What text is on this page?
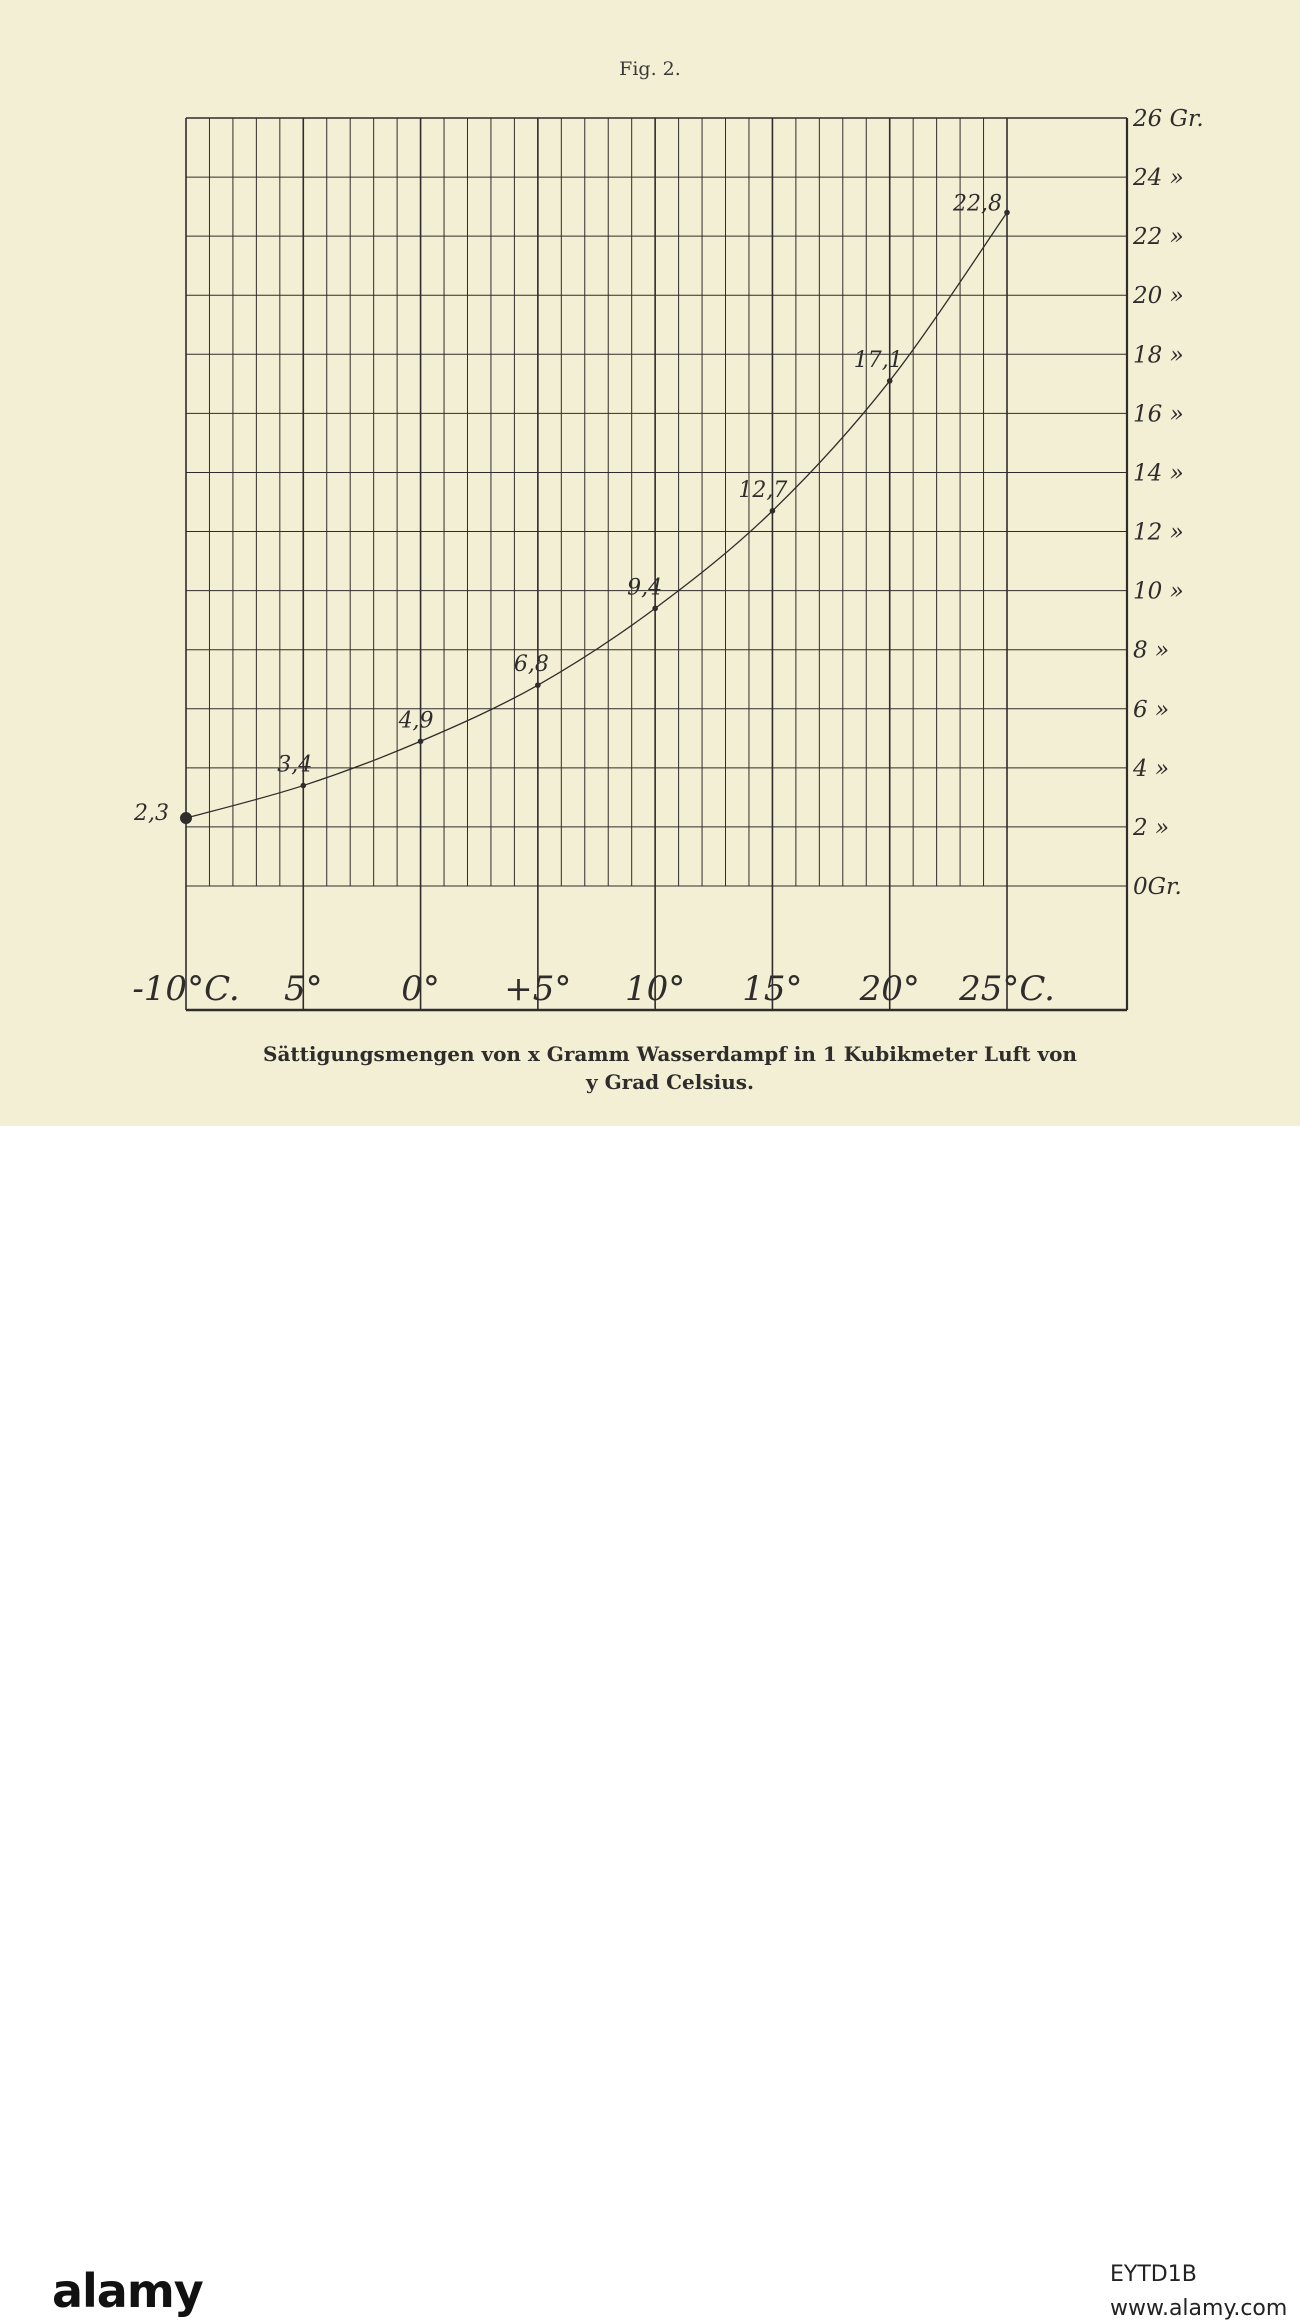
Fig. 2.
2,3
3,4
4,9
6,8
9,4
12,7
17,1
22,8
26 Gr.
24 »
22 »
20 »
18 »
16 »
14 »
12 »
10 »
8 »
6 »
4 »
2 »
0Gr.
-10°C. 5° 0° +5° 10° 15° 20° 25°C.
Sättigungsmengen von x Gramm Wasserdampf in 1 Kubikmeter Luft von
y Grad Celsius.
alamy	EYTD1B
www.alamy.com
